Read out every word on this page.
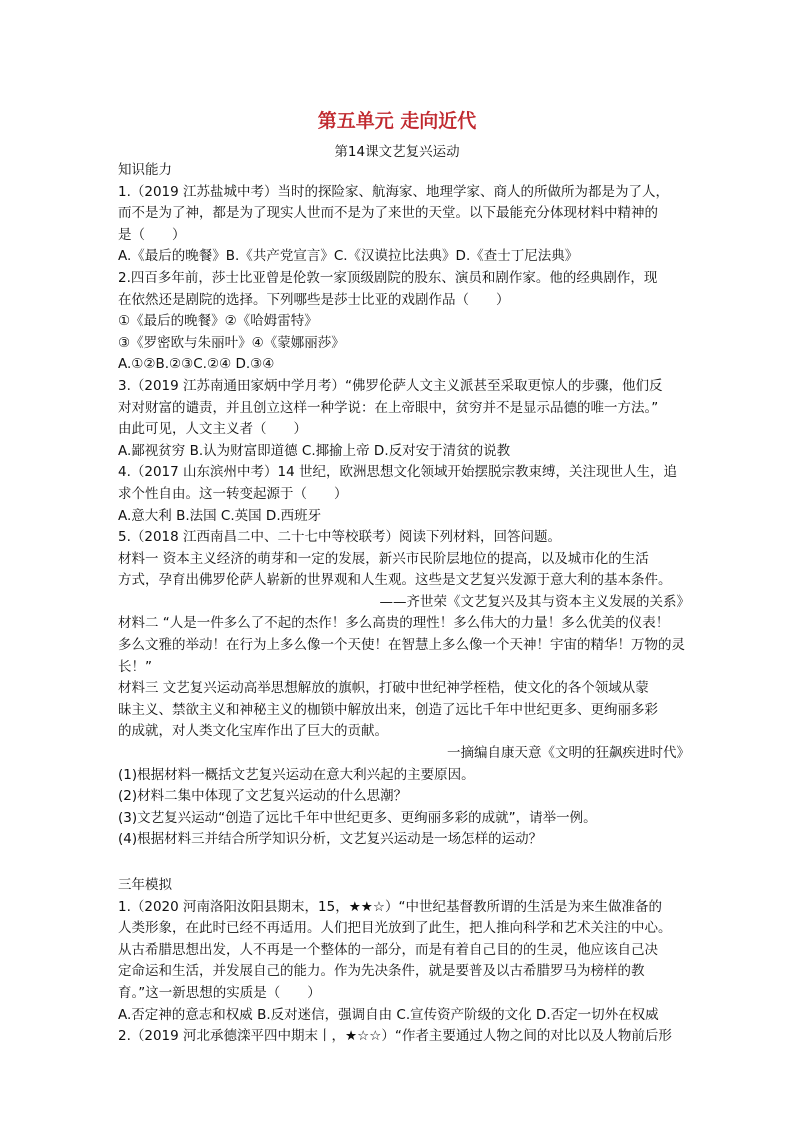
第五单元 走向近代
第14课文艺复兴运动
知识能力
1.（2019 江苏盐城中考）当时的探险家、航海家、地理学家、商人的所做所为都是为了人，
而不是为了神，都是为了现实人世而不是为了来世的天堂。以下最能充分体现材料中精神的
是（　　）
A.《最后的晚餐》B.《共产党宣言》C.《汉谟拉比法典》D.《查士丁尼法典》
2.四百多年前，莎士比亚曾是伦敦一家顶级剧院的股东、演员和剧作家。他的经典剧作，现
在依然还是剧院的选择。下列哪些是莎士比亚的戏剧作品（　　）
①《最后的晚餐》②《哈姆雷特》
③《罗密欧与朱丽叶》④《蒙娜丽莎》
A.①②B.②③C.②④ D.③④
3.（2019 江苏南通田家炳中学月考）“佛罗伦萨人文主义派甚至采取更惊人的步骤，他们反
对对财富的谴责，并且创立这样一种学说：在上帝眼中，贫穷并不是显示品德的唯一方法。”
由此可见，人文主义者（　　）
A.鄙视贫穷 B.认为财富即道德 C.揶揄上帝 D.反对安于清贫的说教
4.（2017 山东滨州中考）14 世纪，欧洲思想文化领域开始摆脱宗教束缚，关注现世人生，追
求个性自由。这一转变起源于（　　）
A.意大利 B.法国 C.英国 D.西班牙
5.（2018 江西南昌二中、二十七中等校联考）阅读下列材料，回答问题。
材料一 资本主义经济的萌芽和一定的发展，新兴市民阶层地位的提高，以及城市化的生活
方式，孕育出佛罗伦萨人崭新的世界观和人生观。这些是文艺复兴发源于意大利的基本条件。
——齐世荣《文艺复兴及其与资本主义发展的关系》
材料二 “人是一件多么了不起的杰作！多么高贵的理性！多么伟大的力量！多么优美的仪表！
多么文雅的举动！在行为上多么像一个天使！在智慧上多么像一个天神！宇宙的精华！万物的灵
长！”
材料三 文艺复兴运动高举思想解放的旗帜，打破中世纪神学桎梏，使文化的各个领域从蒙
昧主义、禁欲主义和神秘主义的枷锁中解放出来，创造了远比千年中世纪更多、更绚丽多彩
的成就，对人类文化宝库作出了巨大的贡献。
一摘编自康天意《文明的狂飙疾进时代》
(1)根据材料一概括文艺复兴运动在意大利兴起的主要原因。
(2)材料二集中体现了文艺复兴运动的什么思潮？
(3)文艺复兴运动“创造了远比千年中世纪更多、更绚丽多彩的成就”，请举一例。
(4)根据材料三并结合所学知识分析，文艺复兴运动是一场怎样的运动？
三年模拟
1.（2020 河南洛阳汝阳县期末，15，★★☆）“中世纪基督教所谓的生活是为来生做准备的
人类形象，在此时已经不再适用。人们把目光放到了此生，把人推向科学和艺术关注的中心。
从古希腊思想出发，人不再是一个整体的一部分，而是有着自己目的的生灵，他应该自己决
定命运和生活，并发展自己的能力。作为先决条件，就是要普及以古希腊罗马为榜样的教
育。”这一新思想的实质是（　　）
A.否定神的意志和权威 B.反对迷信，强调自由 C.宣传资产阶级的文化 D.否定一切外在权威
2.（2019 河北承德滦平四中期末丨，★☆☆）“作者主要通过人物之间的对比以及人物前后形
